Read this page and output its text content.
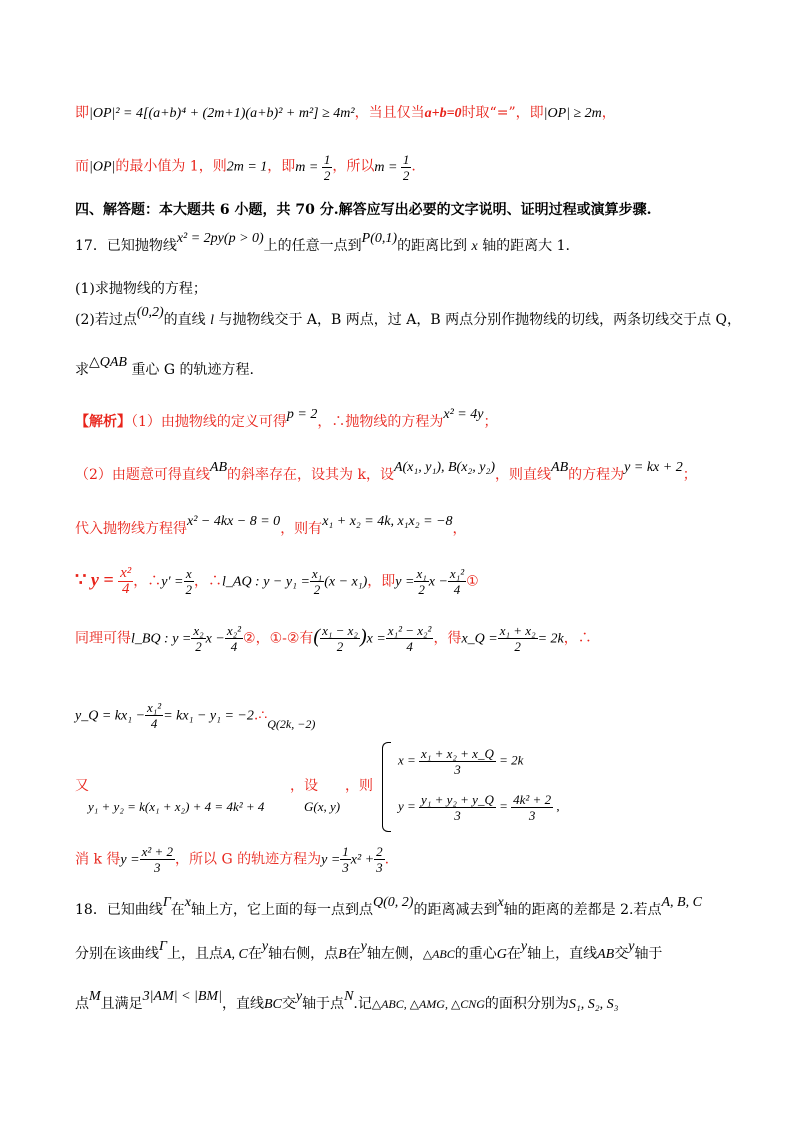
即|OP|² = 4[(a+b)⁴ + (2m+1)(a+b)² + m²] ≥ 4m²，当且仅当a+b=0时取“=”，即|OP| ≥ 2m，
而|OP|的最小值为 1，则2m = 1，即$m = \frac{1}{2}$ ，所以$m = \frac{1}{2}$ .
四、解答题：本大题共 6 小题，共 70 分.解答应写出必要的文字说明、证明过程或演算步骤.
17．已知抛物线x² = 2py(p > 0)上的任意一点到P(0,1)的距离比到 x 轴的距离大 1.
(1)求抛物线的方程；
(2)若过点(0,2)的直线 l 与抛物线交于 A，B 两点，过 A，B 两点分别作抛物线的切线，两条切线交于点 Q，
求△QAB 重心 G 的轨迹方程.
【解析】（1）由抛物线的定义可得p = 2，∴抛物线的方程为x² = 4y；
（2）由题意可得直线AB的斜率存在，设其为 k，设A(x₁, y₁), B(x₂, y₂)，则直线AB的方程为y = kx + 2；
代入抛物线方程得x² − 4kx − 8 = 0，则有x₁ + x₂ = 4k, x₁x₂ = −8，
∵ $y = \frac{\text{x²}}{4}$ ，∴y′ = $\frac{x}{2}$ ，∴l_AQ : $y - y_1 = \frac{\text{x₁}}{2} (x - x_1)$，即$y = \frac{\text{x₁}}{2}$ $x - \frac{\text{x₁²}}{4}$ ①
同理可得l_BQ : $y = \frac{\text{x₂}}{2}$ $x - \frac{\text{x₂²}}{4}$ ②，①-②有( $\frac{\text{x₁ − x₂}}{2} )x = \frac{\text{x₁² − x₂²}}{4}$ ，得x_Q = $\frac{\text{x₁ + x₂}}{2} = 2k$，∴
y_Q = $kx_1 - \frac{\text{x₁²}}{4} = kx_1 - y_1$ = −2.∴Q(2k, −2)
又
y₁ + y₂ = k(x₁ + x₂) + 4 = 4k² + 4
，设
G(x, y)
，则
$x = \frac{\text{x₁ + x₂ + x\_Q}}{3} = 2k$
$y = \frac{\text{y₁ + y₂ + y\_Q}}{3} = \frac{\text{4k² + 2}}{3}$ ,
消 k 得$y = \frac{\text{x² + 2}}{3}$ ，所以 G 的轨迹方程为$y = \frac{1}{3} x^2 + \frac{2}{3}$ .
18．已知曲线Γ在x轴上方，它上面的每一点到点Q(0, 2)的距离减去到x轴的距离的差都是 2.若点A, B, C
分别在该曲线Γ上，且点A, C在y轴右侧，点B在y轴左侧，△ABC的重心G在y轴上，直线AB交y轴于
点M且满足3|AM| < |BM|，直线BC交y轴于点N.记△ABC, △AMG, △CNG的面积分别为S₁, S₂, S₃
